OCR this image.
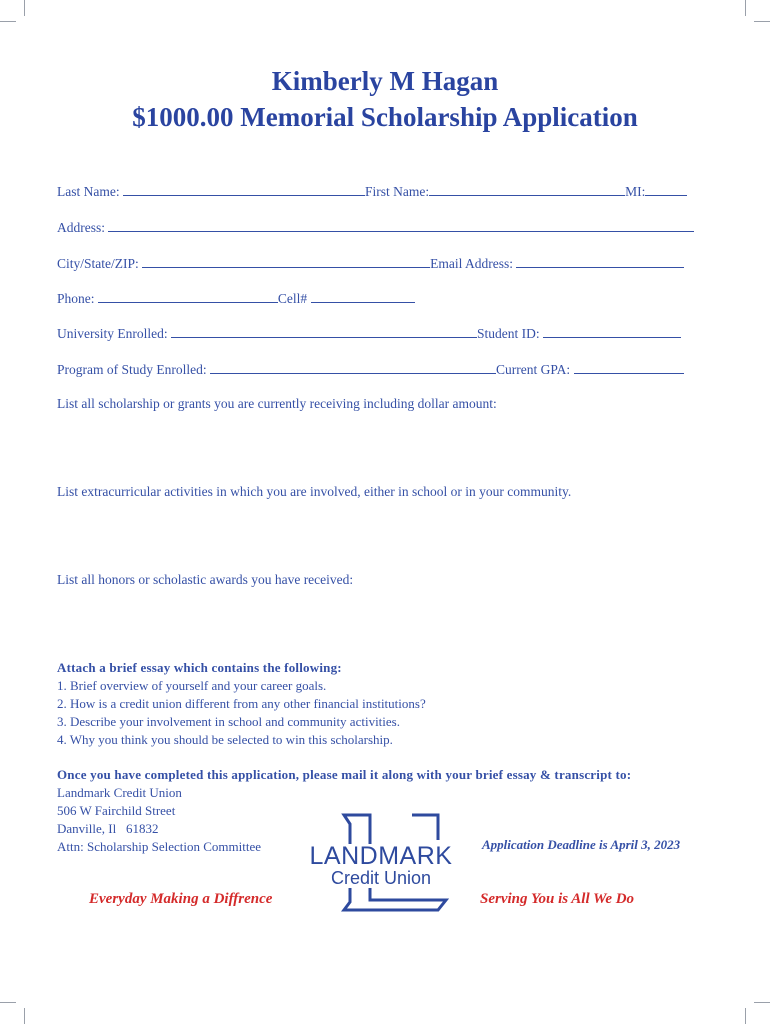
Kimberly M Hagan
$1000.00 Memorial Scholarship Application
Last Name:	First Name:	MI:
Address:
City/State/ZIP:	Email Address:
Phone:	Cell#
University Enrolled:	Student ID:
Program of Study Enrolled:	Current GPA:
List all scholarship or grants you are currently receiving including dollar amount:
List extracurricular activities in which you are involved, either in school or in your community.
List all honors or scholastic awards you have received:
Attach a brief essay which contains the following:
1. Brief overview of yourself and your career goals.
2. How is a credit union different from any other financial institutions?
3. Describe your involvement in school and community activities.
4. Why you think you should be selected to win this scholarship.
Once you have completed this application, please mail it along with your brief essay & transcript to:
Landmark Credit Union
506 W Fairchild Street
Danville, Il   61832
Attn: Scholarship Selection Committee	Application Deadline is April 3, 2023
LANDMARK
Credit Union
Everyday Making a Diffrence	Serving You is All We Do
